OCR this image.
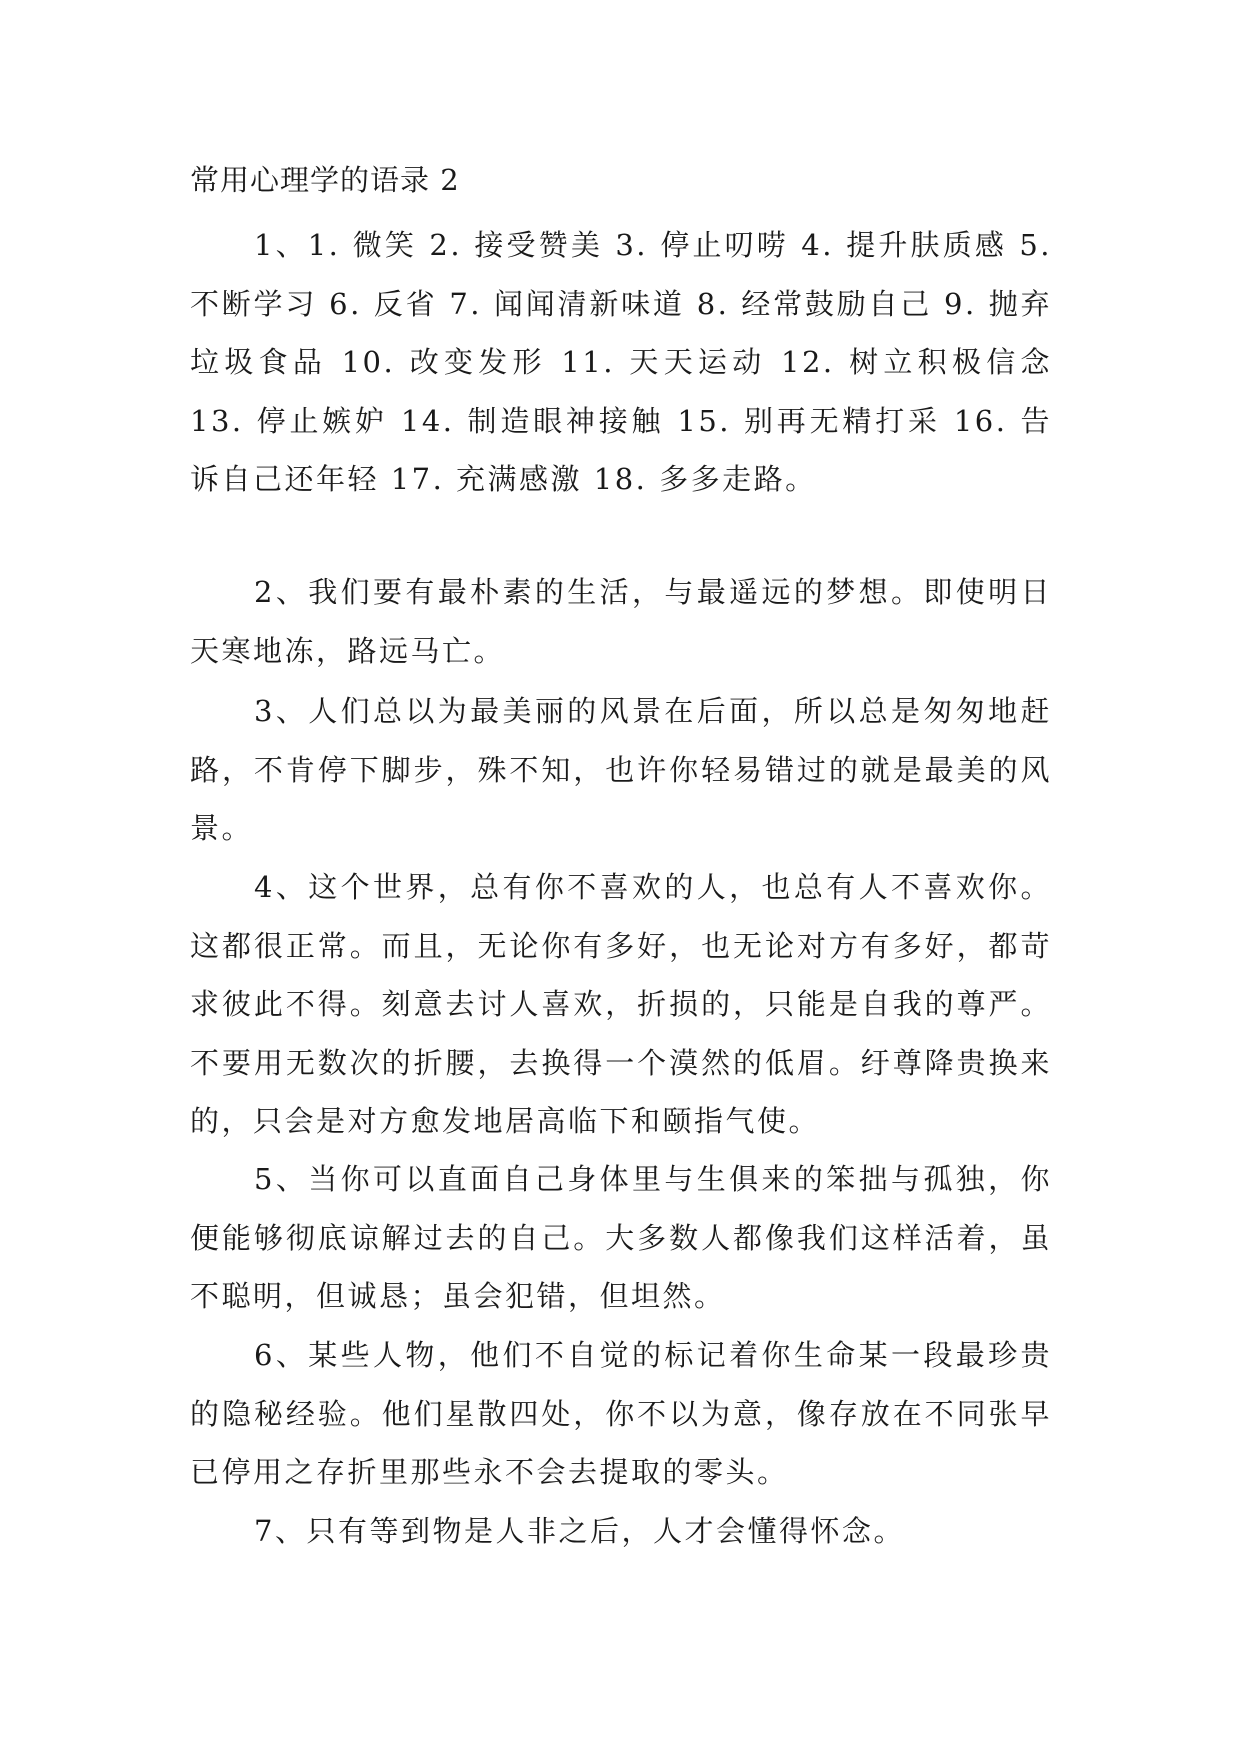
常用心理学的语录 2

1、1. 微笑 2. 接受赞美 3. 停止叨唠 4. 提升肤质感 5. 不断学习 6. 反省 7. 闻闻清新味道 8. 经常鼓励自己 9. 抛弃垃圾食品 10. 改变发形 11. 天天运动 12. 树立积极信念 13. 停止嫉妒 14. 制造眼神接触 15. 别再无精打采 16. 告诉自己还年轻 17. 充满感激 18. 多多走路。

2、我们要有最朴素的生活，与最遥远的梦想。即使明日天寒地冻，路远马亡。

3、人们总以为最美丽的风景在后面，所以总是匆匆地赶路，不肯停下脚步，殊不知，也许你轻易错过的就是最美的风景。

4、这个世界，总有你不喜欢的人，也总有人不喜欢你。这都很正常。而且，无论你有多好，也无论对方有多好，都苛求彼此不得。刻意去讨人喜欢，折损的，只能是自我的尊严。不要用无数次的折腰，去换得一个漠然的低眉。纡尊降贵换来的，只会是对方愈发地居高临下和颐指气使。

5、当你可以直面自己身体里与生俱来的笨拙与孤独，你便能够彻底谅解过去的自己。大多数人都像我们这样活着，虽不聪明，但诚恳；虽会犯错，但坦然。

6、某些人物，他们不自觉的标记着你生命某一段最珍贵的隐秘经验。他们星散四处，你不以为意，像存放在不同张早已停用之存折里那些永不会去提取的零头。

7、只有等到物是人非之后，人才会懂得怀念。
